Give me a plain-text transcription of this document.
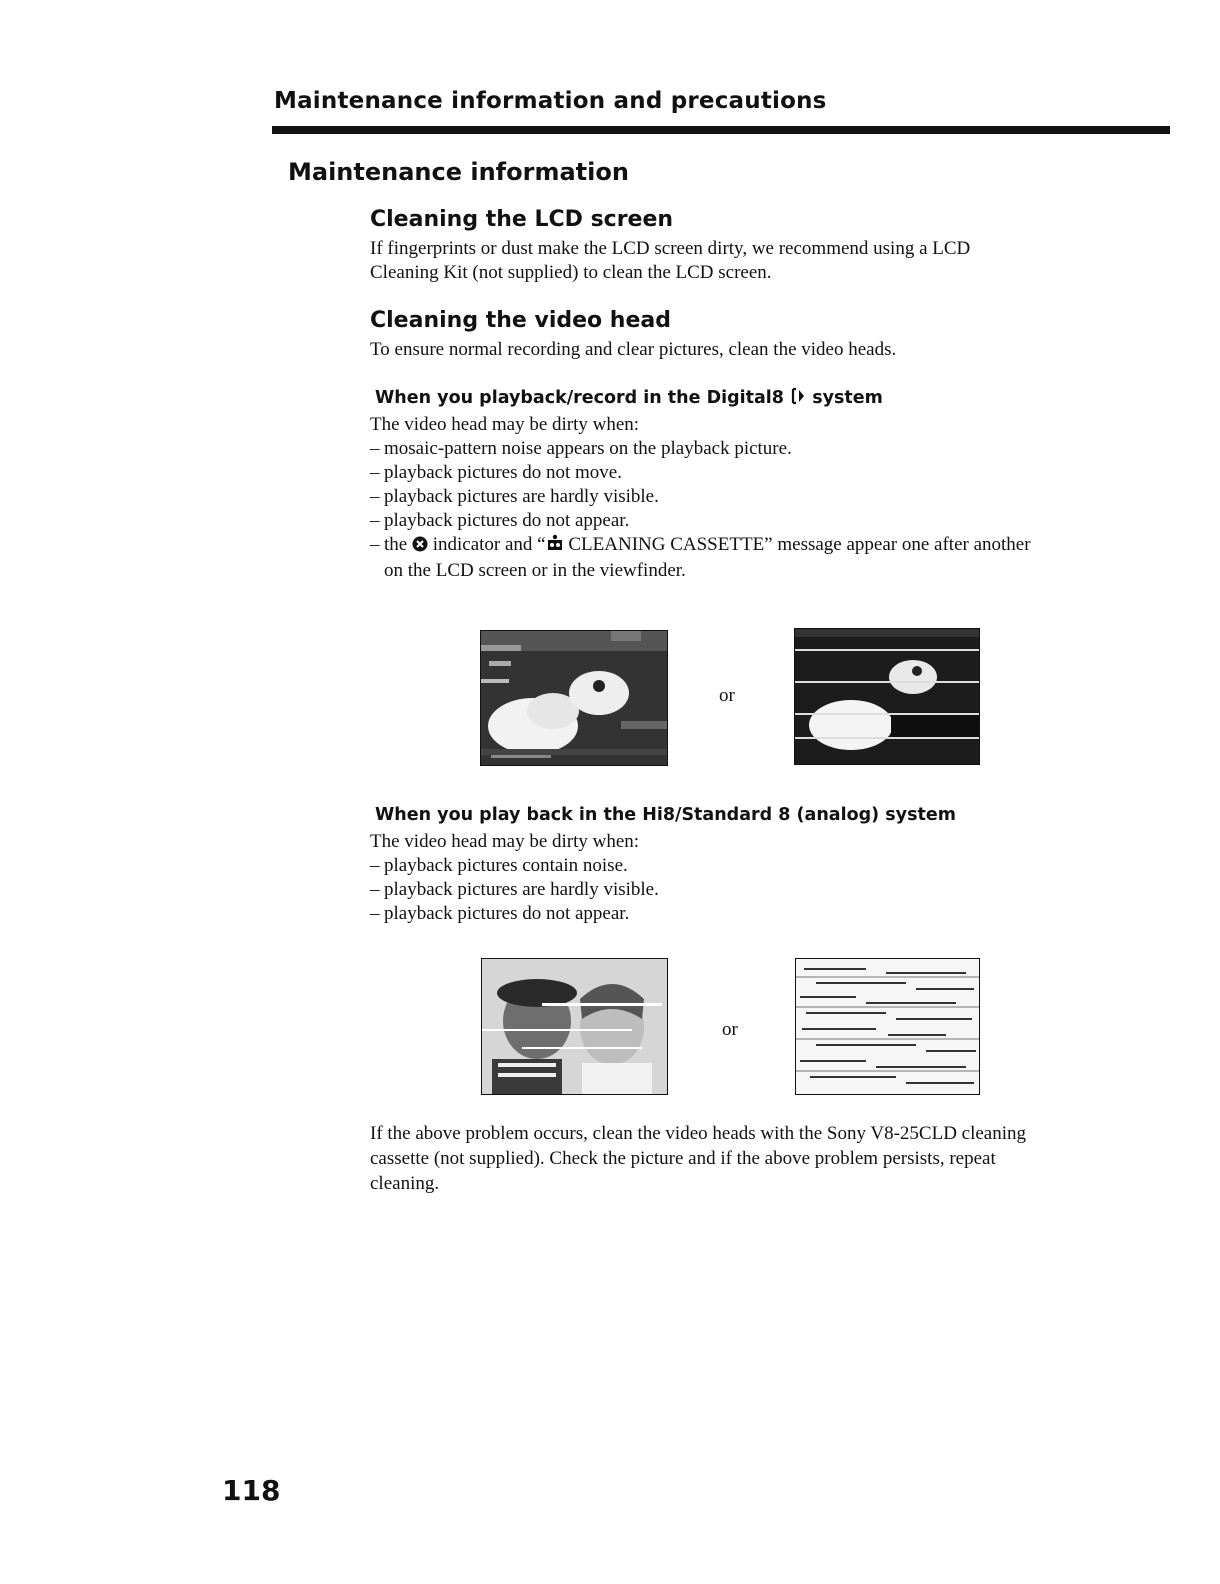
Maintenance information and precautions
Maintenance information
Cleaning the LCD screen
If fingerprints or dust make the LCD screen dirty, we recommend using a LCD
Cleaning Kit (not supplied) to clean the LCD screen.
Cleaning the video head
To ensure normal recording and clear pictures, clean the video heads.
When you playback/record in the Digital8 system
The video head may be dirty when:
– mosaic-pattern noise appears on the playback picture.
– playback pictures do not move.
– playback pictures are hardly visible.
– playback pictures do not appear.
– the indicator and “ CLEANING CASSETTE” message appear one after another
on the LCD screen or in the viewfinder.
or
When you play back in the Hi8/Standard 8 (analog) system
The video head may be dirty when:
– playback pictures contain noise.
– playback pictures are hardly visible.
– playback pictures do not appear.
or
If the above problem occurs, clean the video heads with the Sony V8-25CLD cleaning
cassette (not supplied). Check the picture and if the above problem persists, repeat
cleaning.
118
